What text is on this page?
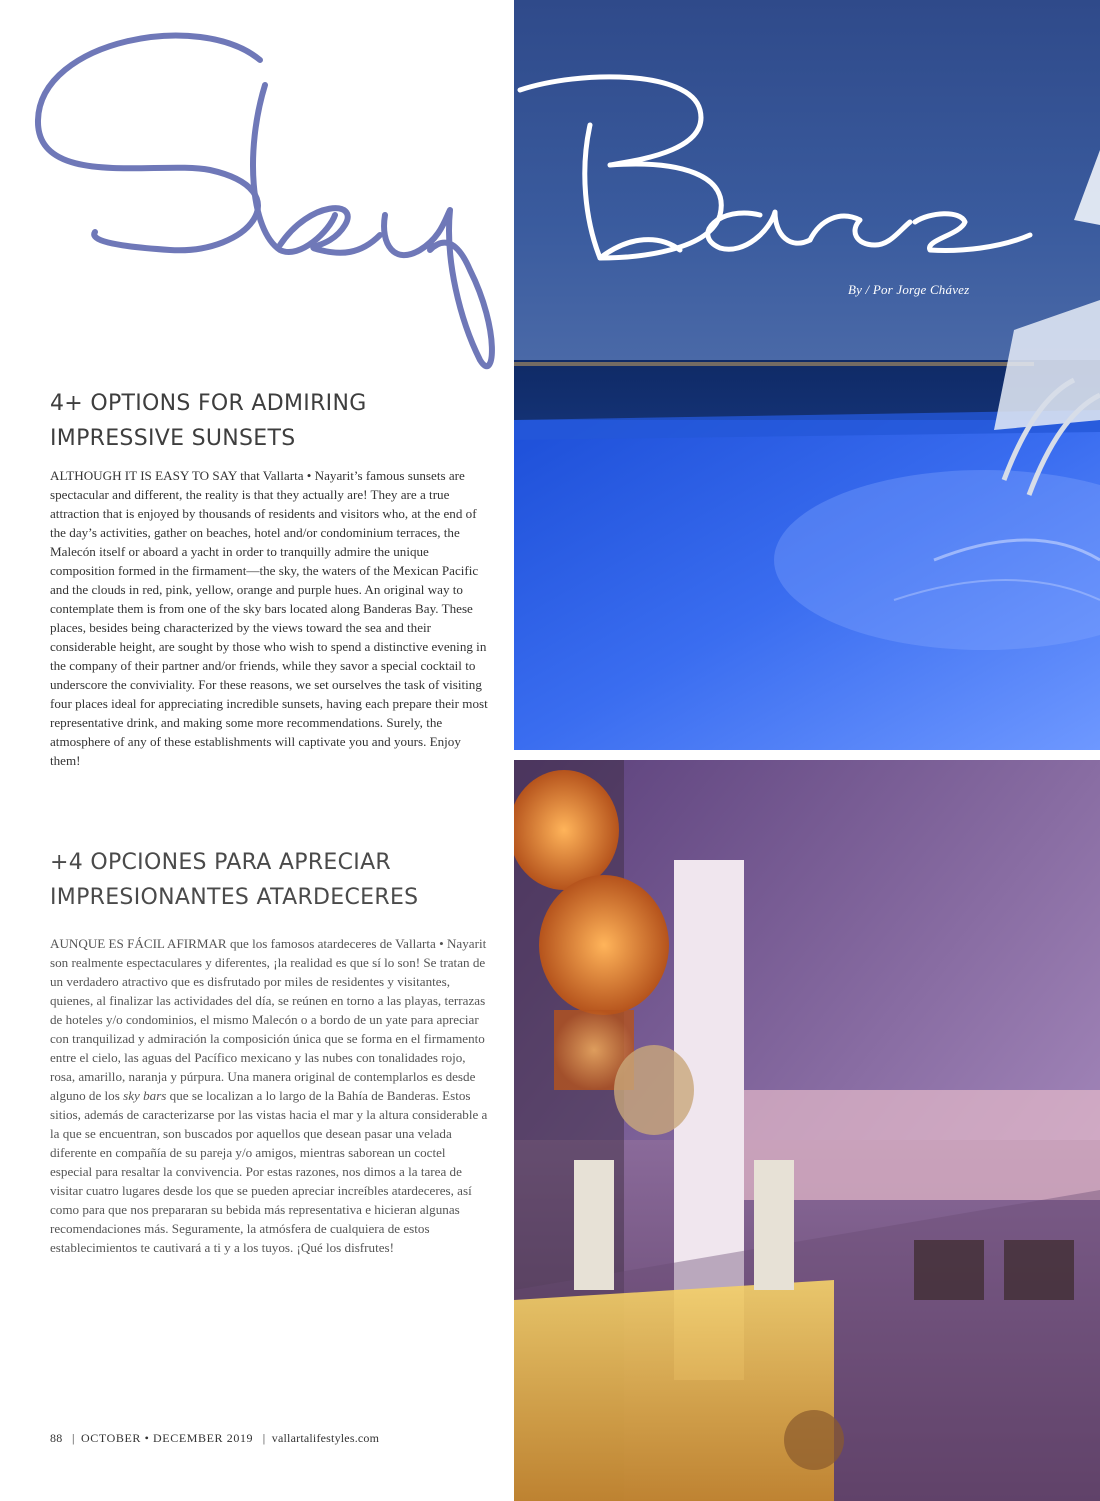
By / Por Jorge Chávez
4+ OPTIONS FOR ADMIRING
IMPRESSIVE SUNSETS

ALTHOUGH IT IS EASY TO SAY that Vallarta • Nayarit’s famous sunsets are spectacular and different, the reality is that they actually are! They are a true attraction that is enjoyed by thousands of residents and visitors who, at the end of the day’s activities, gather on beaches, hotel and/or condominium terraces, the Malecón itself or aboard a yacht in order to tranquilly admire the unique composition formed in the firmament—the sky, the waters of the Mexican Pacific and the clouds in red, pink, yellow, orange and purple hues. An original way to contemplate them is from one of the sky bars located along Banderas Bay. These places, besides being characterized by the views toward the sea and their considerable height, are sought by those who wish to spend a distinctive evening in the company of their partner and/or friends, while they savor a special cocktail to underscore the conviviality. For these reasons, we set ourselves the task of visiting four places ideal for appreciating incredible sunsets, having each prepare their most representative drink, and making some more recommendations. Surely, the atmosphere of any of these establishments will captivate you and yours. Enjoy them!

+4 OPCIONES PARA APRECIAR
IMPRESIONANTES ATARDECERES

AUNQUE ES FÁCIL AFIRMAR que los famosos atardeceres de Vallarta • Nayarit son realmente espectaculares y diferentes, ¡la realidad es que sí lo son! Se tratan de un verdadero atractivo que es disfrutado por miles de residentes y visitantes, quienes, al finalizar las actividades del día, se reúnen en torno a las playas, terrazas de hoteles y/o condominios, el mismo Malecón o a bordo de un yate para apreciar con tranquilizad y admiración la composición única que se forma en el firmamento entre el cielo, las aguas del Pacífico mexicano y las nubes con tonalidades rojo, rosa, amarillo, naranja y púrpura. Una manera original de contemplarlos es desde alguno de los sky bars que se localizan a lo largo de la Bahía de Banderas. Estos sitios, además de caracterizarse por las vistas hacia el mar y la altura considerable a la que se encuentran, son buscados por aquellos que desean pasar una velada diferente en compañía de su pareja y/o amigos, mientras saborean un coctel especial para resaltar la convivencia. Por estas razones, nos dimos a la tarea de visitar cuatro lugares desde los que se pueden apreciar increíbles atardeceres, así como para que nos prepararan su bebida más representativa e hicieran algunas recomendaciones más. Seguramente, la atmósfera de cualquiera de estos establecimientos te cautivará a ti y a los tuyos. ¡Qué los disfrutes!

88 | OCTOBER • DECEMBER 2019 | vallartalifestyles.com
